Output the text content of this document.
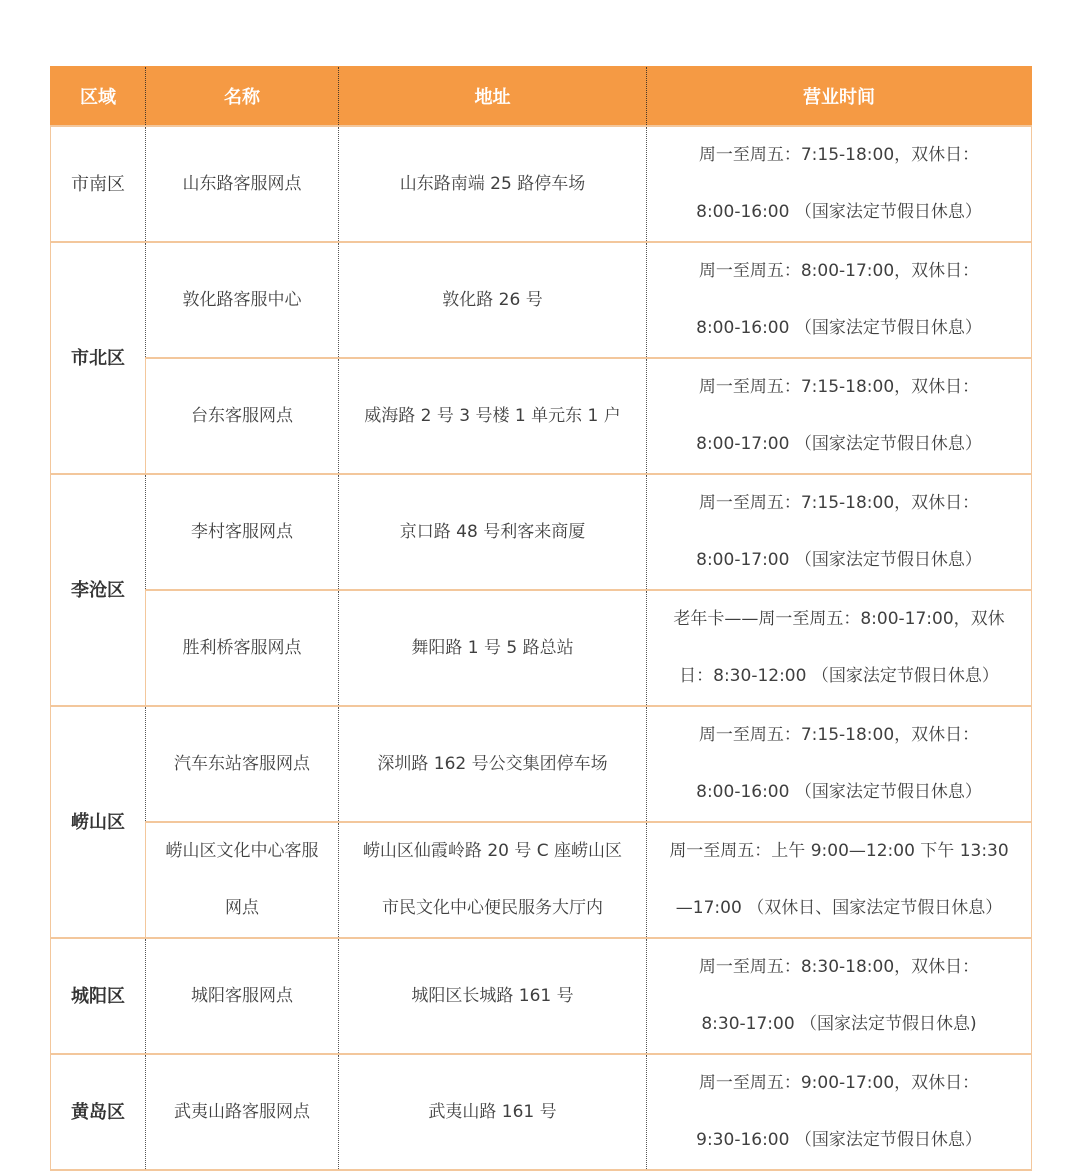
区域	名称	地址	营业时间
市南区	山东路客服网点	山东路南端 25 路停车场	周一至周五：7:15-18:00，双休日：
8:00-16:00 （国家法定节假日休息）

市北区	敦化路客服中心	敦化路 26 号	周一至周五：8:00-17:00，双休日：
8:00-16:00 （国家法定节假日休息）

	台东客服网点	威海路 2 号 3 号楼 1 单元东 1 户	周一至周五：7:15-18:00，双休日：
8:00-17:00 （国家法定节假日休息）

李沧区	李村客服网点	京口路 48 号利客来商厦	周一至周五：7:15-18:00，双休日：
8:00-17:00 （国家法定节假日休息）

	胜利桥客服网点	舞阳路 1 号 5 路总站	老年卡——周一至周五：8:00-17:00，双休
日：8:30-12:00 （国家法定节假日休息）

崂山区	汽车东站客服网点	深圳路 162 号公交集团停车场	周一至周五：7:15-18:00，双休日：
8:00-16:00 （国家法定节假日休息）

	崂山区文化中心客服
网点	崂山区仙霞岭路 20 号 C 座崂山区
市民文化中心便民服务大厅内	周一至周五：上午 9:00—12:00 下午 13:30
—17:00 （双休日、国家法定节假日休息）

城阳区	城阳客服网点	城阳区长城路 161 号	周一至周五：8:30-18:00，双休日：
8:30-17:00 （国家法定节假日休息)

黄岛区	武夷山路客服网点	武夷山路 161 号	周一至周五：9:00-17:00，双休日：
9:30-16:00 （国家法定节假日休息）
